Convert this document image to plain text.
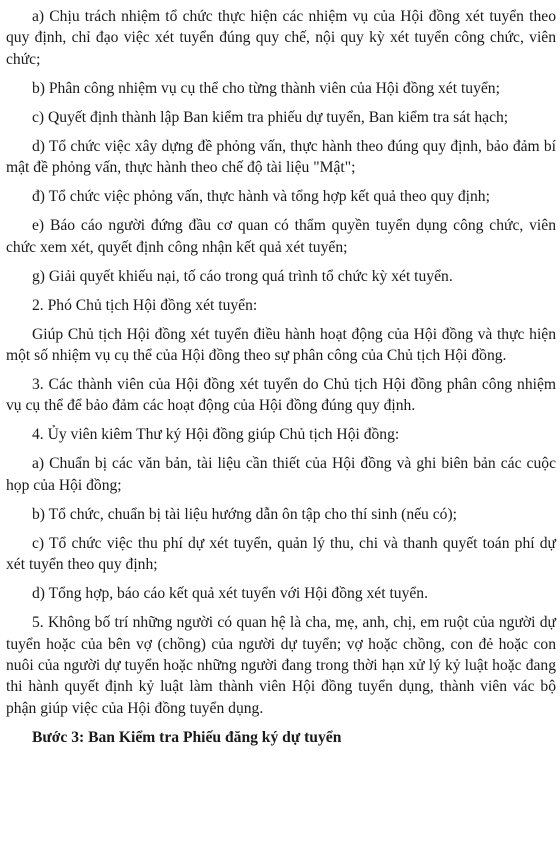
a) Chịu trách nhiệm tổ chức thực hiện các nhiệm vụ của Hội đồng xét tuyển theo quy định, chỉ đạo việc xét tuyển đúng quy chế, nội quy kỳ xét tuyển công chức, viên chức;

b) Phân công nhiệm vụ cụ thể cho từng thành viên của Hội đồng xét tuyển;

c) Quyết định thành lập Ban kiểm tra phiếu dự tuyển, Ban kiểm tra sát hạch;

d) Tổ chức việc xây dựng đề phỏng vấn, thực hành theo đúng quy định, bảo đảm bí mật đề phỏng vấn, thực hành theo chế độ tài liệu "Mật";

đ) Tổ chức việc phỏng vấn, thực hành và tổng hợp kết quả theo quy định;

e) Báo cáo người đứng đầu cơ quan có thẩm quyền tuyển dụng công chức, viên chức xem xét, quyết định công nhận kết quả xét tuyển;

g) Giải quyết khiếu nại, tố cáo trong quá trình tổ chức kỳ xét tuyển.

2. Phó Chủ tịch Hội đồng xét tuyển:

Giúp Chủ tịch Hội đồng xét tuyển điều hành hoạt động của Hội đồng và thực hiện một số nhiệm vụ cụ thể của Hội đồng theo sự phân công của Chủ tịch Hội đồng.

3. Các thành viên của Hội đồng xét tuyển do Chủ tịch Hội đồng phân công nhiệm vụ cụ thể để bảo đảm các hoạt động của Hội đồng đúng quy định.

4. Ủy viên kiêm Thư ký Hội đồng giúp Chủ tịch Hội đồng:

a) Chuẩn bị các văn bản, tài liệu cần thiết của Hội đồng và ghi biên bản các cuộc họp của Hội đồng;

b) Tổ chức, chuẩn bị tài liệu hướng dẫn ôn tập cho thí sinh (nếu có);

c) Tổ chức việc thu phí dự xét tuyển, quản lý thu, chi và thanh quyết toán phí dự xét tuyển theo quy định;

d) Tổng hợp, báo cáo kết quả xét tuyển với Hội đồng xét tuyển.

5. Không bố trí những người có quan hệ là cha, mẹ, anh, chị, em ruột của người dự tuyển hoặc của bên vợ (chồng) của người dự tuyển; vợ hoặc chồng, con đẻ hoặc con nuôi của người dự tuyển hoặc những người đang trong thời hạn xử lý kỷ luật hoặc đang thi hành quyết định kỷ luật làm thành viên Hội đồng tuyển dụng, thành viên vác bộ phận giúp việc của Hội đồng tuyển dụng.

Bước 3: Ban Kiểm tra Phiếu đăng ký dự tuyển
